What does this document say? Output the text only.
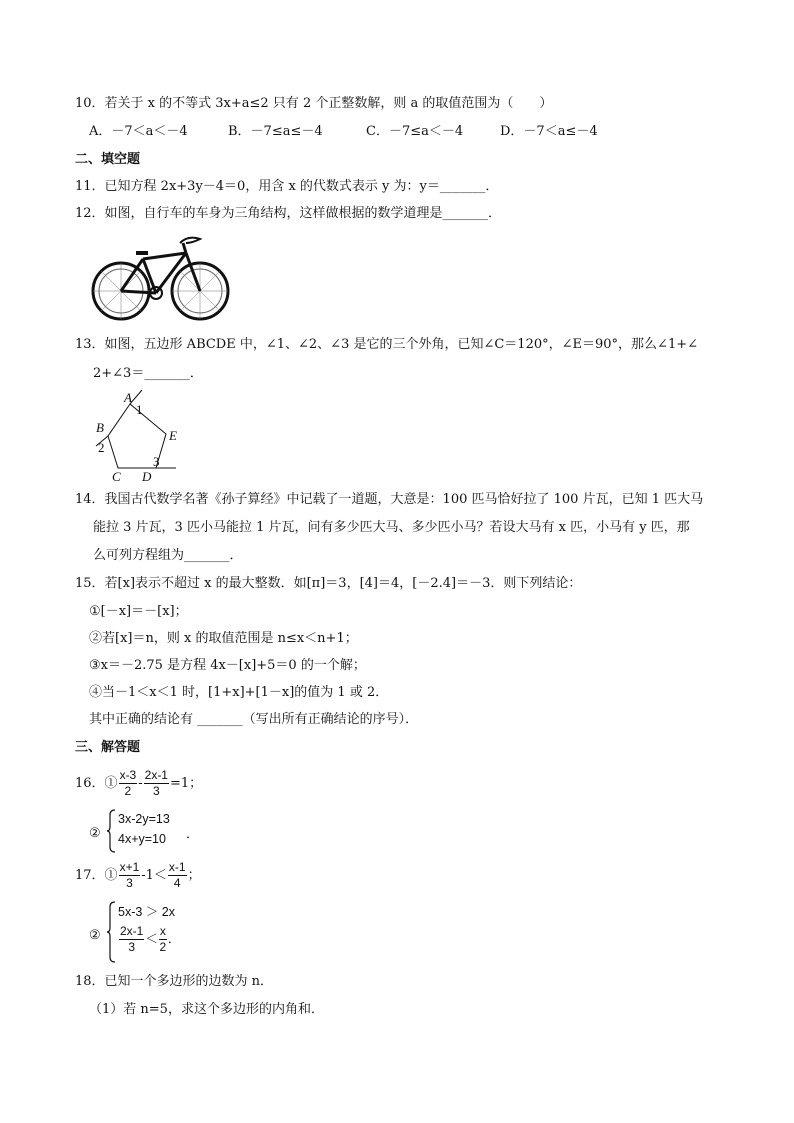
10．若关于 x 的不等式 3x+a≤2 只有 2 个正整数解，则 a 的取值范围为（　　）
A．－7＜a＜－4	B．－7≤a≤－4	C．－7≤a＜－4	D．－7＜a≤－4
二、填空题
11．已知方程 2x+3y－4＝0，用含 x 的代数式表示 y 为：y＝_______．
12．如图，自行车的车身为三角结构，这样做根据的数学道理是_______．
13．如图，五边形 ABCDE 中，∠1、∠2、∠3 是它的三个外角，已知∠C＝120°，∠E＝90°，那么∠1+∠
2+∠3＝_______．
A
B
C D
E
1
2
3
14．我国古代数学名著《孙子算经》中记载了一道题，大意是：100 匹马恰好拉了 100 片瓦，已知 1 匹大马
能拉 3 片瓦，3 匹小马能拉 1 片瓦，问有多少匹大马、多少匹小马？若设大马有 x 匹，小马有 y 匹，那
么可列方程组为_______．
15．若[x]表示不超过 x 的最大整数．如[π]＝3，[4]＝4，[－2.4]＝－3．则下列结论：
①[－x]＝－[x]；
②若[x]＝n，则 x 的取值范围是 n≤x＜n+1；
③x＝－2.75 是方程 4x－[x]+5＝0 的一个解；
④当－1＜x＜1 时，[1+x]+[1－x]的值为 1 或 2．
其中正确的结论有 _______（写出所有正确结论的序号）．
三、解答题
16．① $\frac{x-3}{2} - \frac{2x-1}{3} =1$；
②
3x-2y=13
4x+y=10 ．
17．① $\frac{x+1}{3} -1< \frac{x-1}{4}$ ；
②
5x-3 ＞ 2x
$\frac{2x-1}{3} < \frac{x}{2}$ ．
18．已知一个多边形的边数为 n．
（1）若 n=5，求这个多边形的内角和．
